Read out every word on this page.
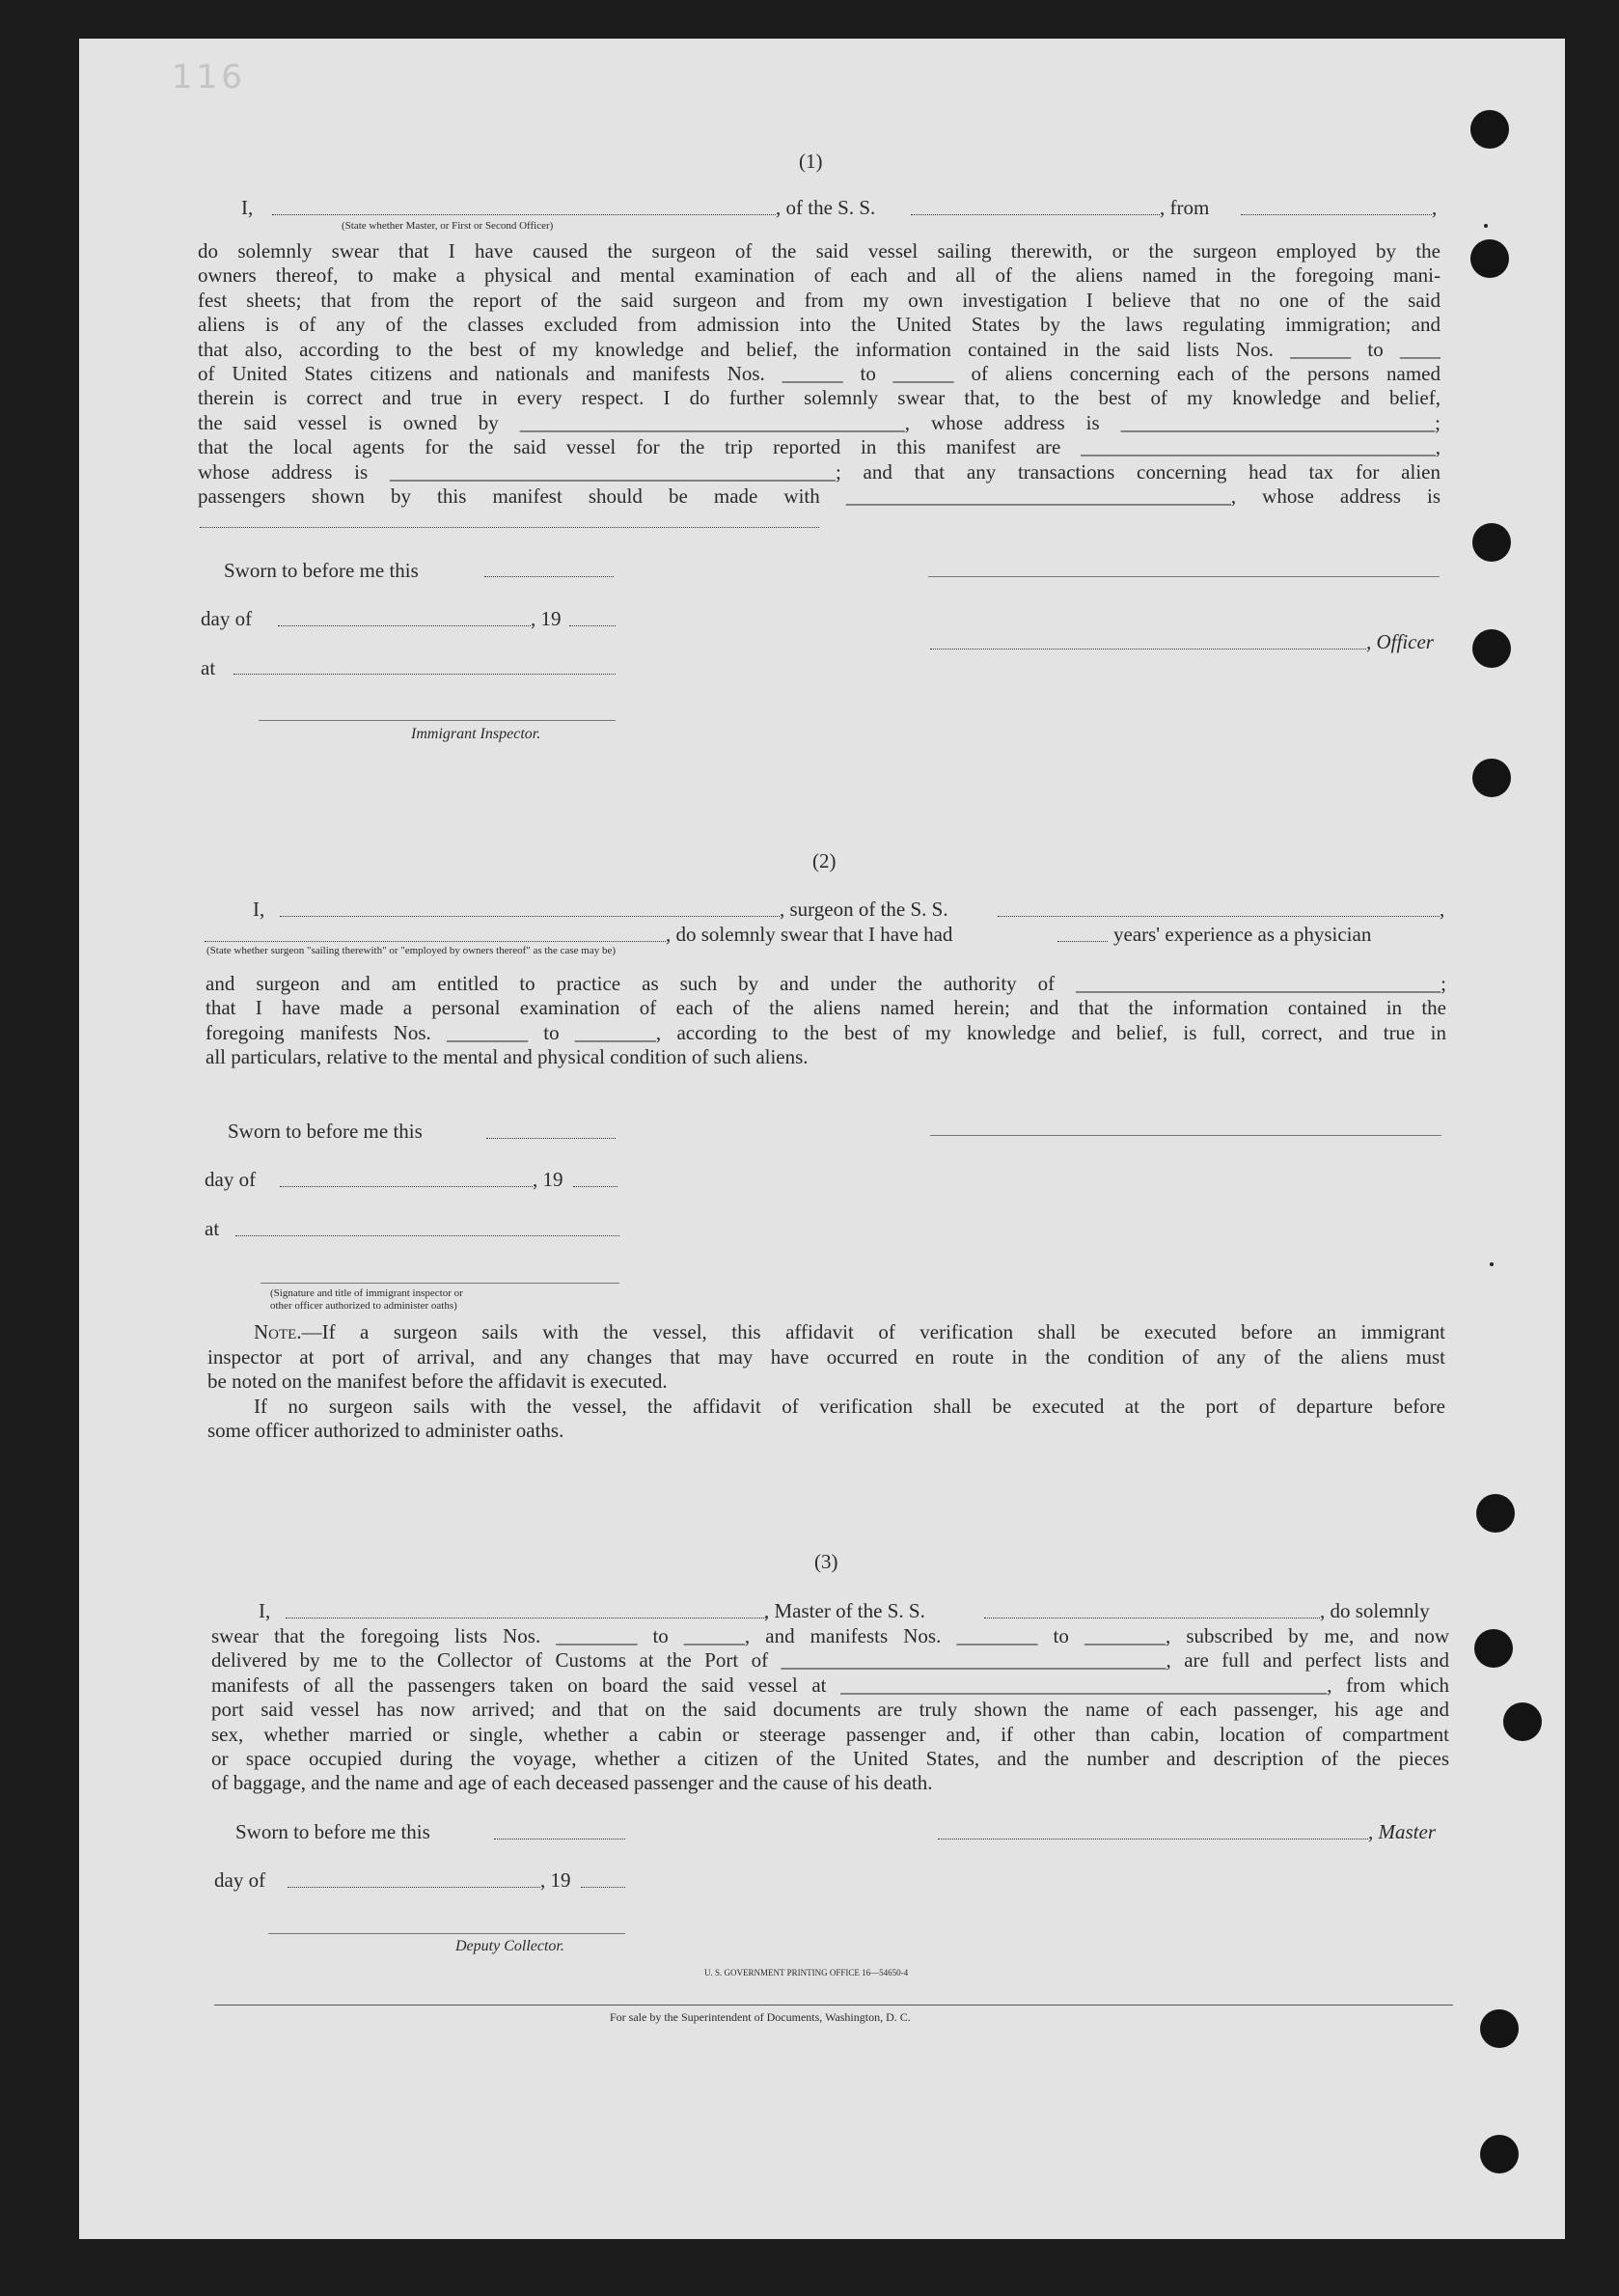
116
(1)
I,	, of the S. S.	, from	,
(State whether Master, or First or Second Officer)
do solemnly swear that I have caused the surgeon of the said vessel sailing therewith, or the surgeon employed by the
owners thereof, to make a physical and mental examination of each and all of the aliens named in the foregoing mani-
fest sheets; that from the report of the said surgeon and from my own investigation I believe that no one of the said
aliens is of any of the classes excluded from admission into the United States by the laws regulating immigration; and
that also, according to the best of my knowledge and belief, the information contained in the said lists Nos. ______ to ____
of United States citizens and nationals and manifests Nos. ______ to ______ of aliens concerning each of the persons named
therein is correct and true in every respect. I do further solemnly swear that, to the best of my knowledge and belief,
the said vessel is owned by ______________________________________, whose address is _______________________________;
that the local agents for the said vessel for the trip reported in this manifest are ___________________________________,
whose address is ____________________________________________; and that any transactions concerning head tax for alien
passengers shown by this manifest should be made with ______________________________________, whose address is
Sworn to before me this
day of	, 19
, Officer
at
Immigrant Inspector.
(2)
I,	, surgeon of the S. S.	,
, do solemnly swear that I have had	years' experience as a physician
(State whether surgeon "sailing therewith" or "employed by owners thereof" as the case may be)
and surgeon and am entitled to practice as such by and under the authority of ____________________________________;
that I have made a personal examination of each of the aliens named herein; and that the information contained in the
foregoing manifests Nos. ________ to ________, according to the best of my knowledge and belief, is full, correct, and true in
all particulars, relative to the mental and physical condition of such aliens.
Sworn to before me this
day of	, 19
at
(Signature and title of immigrant inspector or
other officer authorized to administer oaths)
Note.—If a surgeon sails with the vessel, this affidavit of verification shall be executed before an immigrant
inspector at port of arrival, and any changes that may have occurred en route in the condition of any of the aliens must
be noted on the manifest before the affidavit is executed.
If no surgeon sails with the vessel, the affidavit of verification shall be executed at the port of departure before
some officer authorized to administer oaths.
(3)
I,	, Master of the S. S.	, do solemnly
swear that the foregoing lists Nos. ________ to ______, and manifests Nos. ________ to ________, subscribed by me, and now
delivered by me to the Collector of Customs at the Port of ______________________________________, are full and perfect lists and
manifests of all the passengers taken on board the said vessel at ________________________________________________, from which
port said vessel has now arrived; and that on the said documents are truly shown the name of each passenger, his age and
sex, whether married or single, whether a cabin or steerage passenger and, if other than cabin, location of compartment
or space occupied during the voyage, whether a citizen of the United States, and the number and description of the pieces
of baggage, and the name and age of each deceased passenger and the cause of his death.
Sworn to before me this	, Master
day of	, 19
Deputy Collector.
U. S. GOVERNMENT PRINTING OFFICE 16—54650-4
For sale by the Superintendent of Documents, Washington, D. C.
